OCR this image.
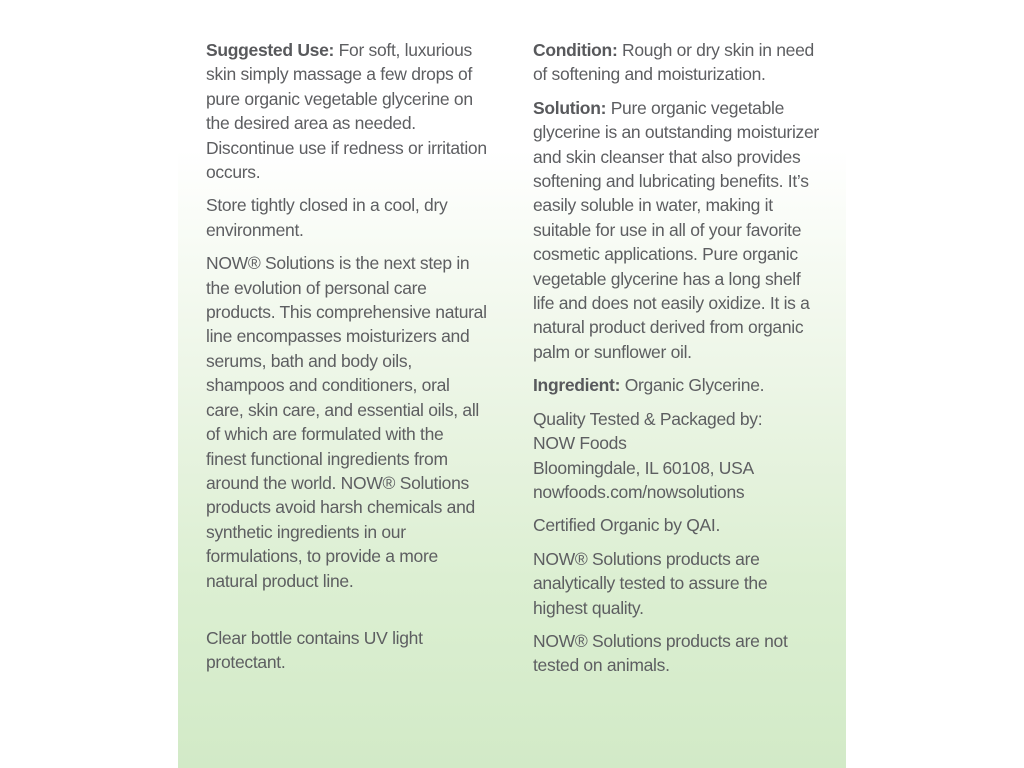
Suggested Use: For soft, luxurious skin simply massage a few drops of pure organic vegetable glycerine on the desired area as needed. Discontinue use if redness or irritation occurs.

Store tightly closed in a cool, dry environment.

NOW® Solutions is the next step in the evolution of personal care products. This comprehensive natural line encompasses moisturizers and serums, bath and body oils, shampoos and conditioners, oral care, skin care, and essential oils, all of which are formulated with the finest functional ingredients from around the world. NOW® Solutions products avoid harsh chemicals and synthetic ingredients in our formulations, to provide a more natural product line.

Clear bottle contains UV light protectant.

Condition: Rough or dry skin in need of softening and moisturization.

Solution: Pure organic vegetable glycerine is an outstanding moisturizer and skin cleanser that also provides softening and lubricating benefits. It’s easily soluble in water, making it suitable for use in all of your favorite cosmetic applications. Pure organic vegetable glycerine has a long shelf life and does not easily oxidize. It is a natural product derived from organic palm or sunflower oil.

Ingredient: Organic Glycerine.

Quality Tested & Packaged by:
NOW Foods
Bloomingdale, IL 60108, USA
nowfoods.com/nowsolutions

Certified Organic by QAI.

NOW® Solutions products are analytically tested to assure the highest quality.

NOW® Solutions products are not tested on animals.
